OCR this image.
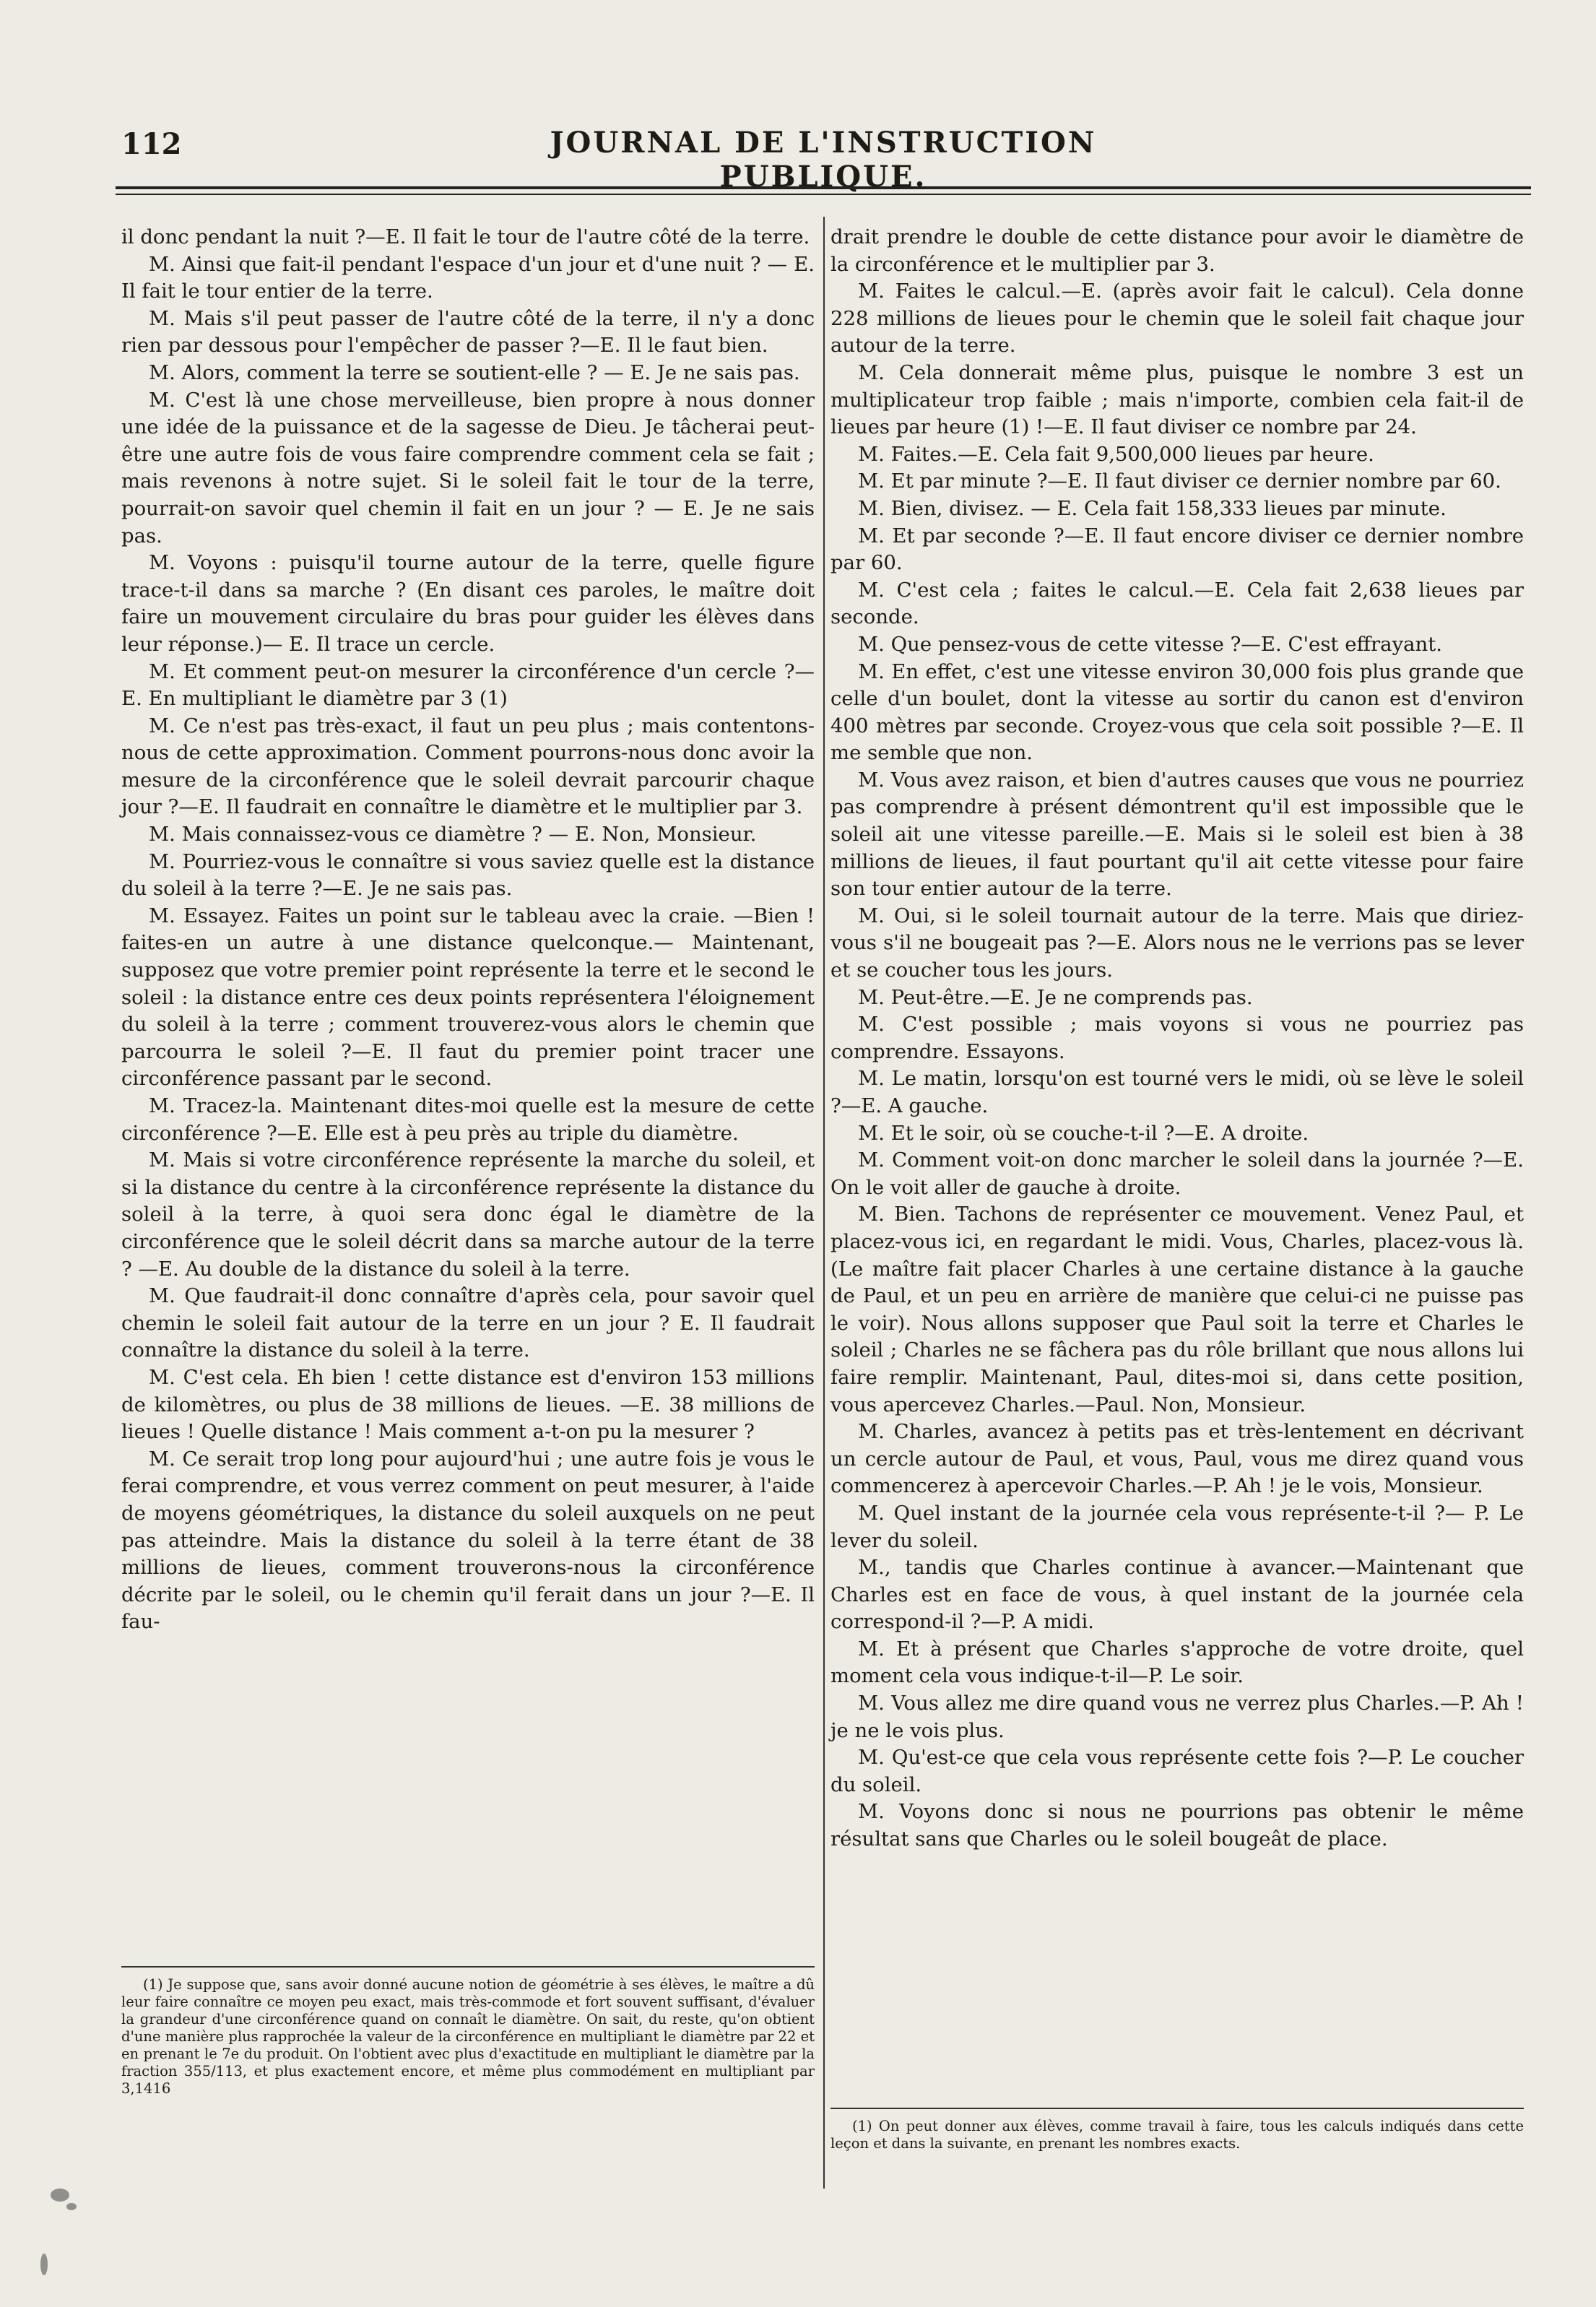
112	JOURNAL DE L'INSTRUCTION PUBLIQUE.

il donc pendant la nuit ?—E. Il fait le tour de l'autre côté de la terre.

M. Ainsi que fait-il pendant l'espace d'un jour et d'une nuit ? — E. Il fait le tour entier de la terre.

M. Mais s'il peut passer de l'autre côté de la terre, il n'y a donc rien par dessous pour l'empêcher de passer ?—E. Il le faut bien.

M. Alors, comment la terre se soutient-elle ? — E. Je ne sais pas.

M. C'est là une chose merveilleuse, bien propre à nous donner une idée de la puissance et de la sagesse de Dieu. Je tâcherai peut-être une autre fois de vous faire comprendre comment cela se fait ; mais revenons à notre sujet. Si le soleil fait le tour de la terre, pourrait-on savoir quel chemin il fait en un jour ? — E. Je ne sais pas.

M. Voyons : puisqu'il tourne autour de la terre, quelle figure trace-t-il dans sa marche ? (En disant ces paroles, le maître doit faire un mouvement circulaire du bras pour guider les élèves dans leur réponse.)— E. Il trace un cercle.

M. Et comment peut-on mesurer la circonférence d'un cercle ?—E. En multipliant le diamètre par 3 (1)

M. Ce n'est pas très-exact, il faut un peu plus ; mais contentons-nous de cette approximation. Comment pourrons-nous donc avoir la mesure de la circonférence que le soleil devrait parcourir chaque jour ?—E. Il faudrait en connaître le diamètre et le multiplier par 3.

M. Mais connaissez-vous ce diamètre ? — E. Non, Monsieur.

M. Pourriez-vous le connaître si vous saviez quelle est la distance du soleil à la terre ?—E. Je ne sais pas.

M. Essayez. Faites un point sur le tableau avec la craie. —Bien ! faites-en un autre à une distance quelconque.— Maintenant, supposez que votre premier point représente la terre et le second le soleil : la distance entre ces deux points représentera l'éloignement du soleil à la terre ; comment trouverez-vous alors le chemin que parcourra le soleil ?—E. Il faut du premier point tracer une circonférence passant par le second.

M. Tracez-la. Maintenant dites-moi quelle est la mesure de cette circonférence ?—E. Elle est à peu près au triple du diamètre.

M. Mais si votre circonférence représente la marche du soleil, et si la distance du centre à la circonférence représente la distance du soleil à la terre, à quoi sera donc égal le diamètre de la circonférence que le soleil décrit dans sa marche autour de la terre ? —E. Au double de la distance du soleil à la terre.

M. Que faudrait-il donc connaître d'après cela, pour savoir quel chemin le soleil fait autour de la terre en un jour ? E. Il faudrait connaître la distance du soleil à la terre.

M. C'est cela. Eh bien ! cette distance est d'environ 153 millions de kilomètres, ou plus de 38 millions de lieues. —E. 38 millions de lieues ! Quelle distance ! Mais comment a-t-on pu la mesurer ?

M. Ce serait trop long pour aujourd'hui ; une autre fois je vous le ferai comprendre, et vous verrez comment on peut mesurer, à l'aide de moyens géométriques, la distance du soleil auxquels on ne peut pas atteindre. Mais la distance du soleil à la terre étant de 38 millions de lieues, comment trouverons-nous la circonférence décrite par le soleil, ou le chemin qu'il ferait dans un jour ?—E. Il fau-

drait prendre le double de cette distance pour avoir le diamètre de la circonférence et le multiplier par 3.

M. Faites le calcul.—E. (après avoir fait le calcul). Cela donne 228 millions de lieues pour le chemin que le soleil fait chaque jour autour de la terre.

M. Cela donnerait même plus, puisque le nombre 3 est un multiplicateur trop faible ; mais n'importe, combien cela fait-il de lieues par heure (1) !—E. Il faut diviser ce nombre par 24.

M. Faites.—E. Cela fait 9,500,000 lieues par heure.

M. Et par minute ?—E. Il faut diviser ce dernier nombre par 60.

M. Bien, divisez. — E. Cela fait 158,333 lieues par minute.

M. Et par seconde ?—E. Il faut encore diviser ce dernier nombre par 60.

M. C'est cela ; faites le calcul.—E. Cela fait 2,638 lieues par seconde.

M. Que pensez-vous de cette vitesse ?—E. C'est effrayant.

M. En effet, c'est une vitesse environ 30,000 fois plus grande que celle d'un boulet, dont la vitesse au sortir du canon est d'environ 400 mètres par seconde. Croyez-vous que cela soit possible ?—E. Il me semble que non.

M. Vous avez raison, et bien d'autres causes que vous ne pourriez pas comprendre à présent démontrent qu'il est impossible que le soleil ait une vitesse pareille.—E. Mais si le soleil est bien à 38 millions de lieues, il faut pourtant qu'il ait cette vitesse pour faire son tour entier autour de la terre.

M. Oui, si le soleil tournait autour de la terre. Mais que diriez-vous s'il ne bougeait pas ?—E. Alors nous ne le verrions pas se lever et se coucher tous les jours.

M. Peut-être.—E. Je ne comprends pas.

M. C'est possible ; mais voyons si vous ne pourriez pas comprendre. Essayons.

M. Le matin, lorsqu'on est tourné vers le midi, où se lève le soleil ?—E. A gauche.

M. Et le soir, où se couche-t-il ?—E. A droite.

M. Comment voit-on donc marcher le soleil dans la journée ?—E. On le voit aller de gauche à droite.

M. Bien. Tachons de représenter ce mouvement. Venez Paul, et placez-vous ici, en regardant le midi. Vous, Charles, placez-vous là. (Le maître fait placer Charles à une certaine distance à la gauche de Paul, et un peu en arrière de manière que celui-ci ne puisse pas le voir). Nous allons supposer que Paul soit la terre et Charles le soleil ; Charles ne se fâchera pas du rôle brillant que nous allons lui faire remplir. Maintenant, Paul, dites-moi si, dans cette position, vous apercevez Charles.—Paul. Non, Monsieur.

M. Charles, avancez à petits pas et très-lentement en décrivant un cercle autour de Paul, et vous, Paul, vous me direz quand vous commencerez à apercevoir Charles.—P. Ah ! je le vois, Monsieur.

M. Quel instant de la journée cela vous représente-t-il ?— P. Le lever du soleil.

M., tandis que Charles continue à avancer.—Maintenant que Charles est en face de vous, à quel instant de la journée cela correspond-il ?—P. A midi.

M. Et à présent que Charles s'approche de votre droite, quel moment cela vous indique-t-il—P. Le soir.

M. Vous allez me dire quand vous ne verrez plus Charles.—P. Ah ! je ne le vois plus.

M. Qu'est-ce que cela vous représente cette fois ?—P. Le coucher du soleil.

M. Voyons donc si nous ne pourrions pas obtenir le même résultat sans que Charles ou le soleil bougeât de place.

(1) Je suppose que, sans avoir donné aucune notion de géométrie à ses élèves, le maître a dû leur faire connaître ce moyen peu exact, mais très-commode et fort souvent suffisant, d'évaluer la grandeur d'une circonférence quand on connaît le diamètre. On sait, du reste, qu'on obtient d'une manière plus rapprochée la valeur de la circonférence en multipliant le diamètre par 22 et en prenant le 7e du produit. On l'obtient avec plus d'exactitude en multipliant le diamètre par la fraction 355/113, et plus exactement encore, et même plus commodément en multipliant par 3,1416

(1) On peut donner aux élèves, comme travail à faire, tous les calculs indiqués dans cette leçon et dans la suivante, en prenant les nombres exacts.
